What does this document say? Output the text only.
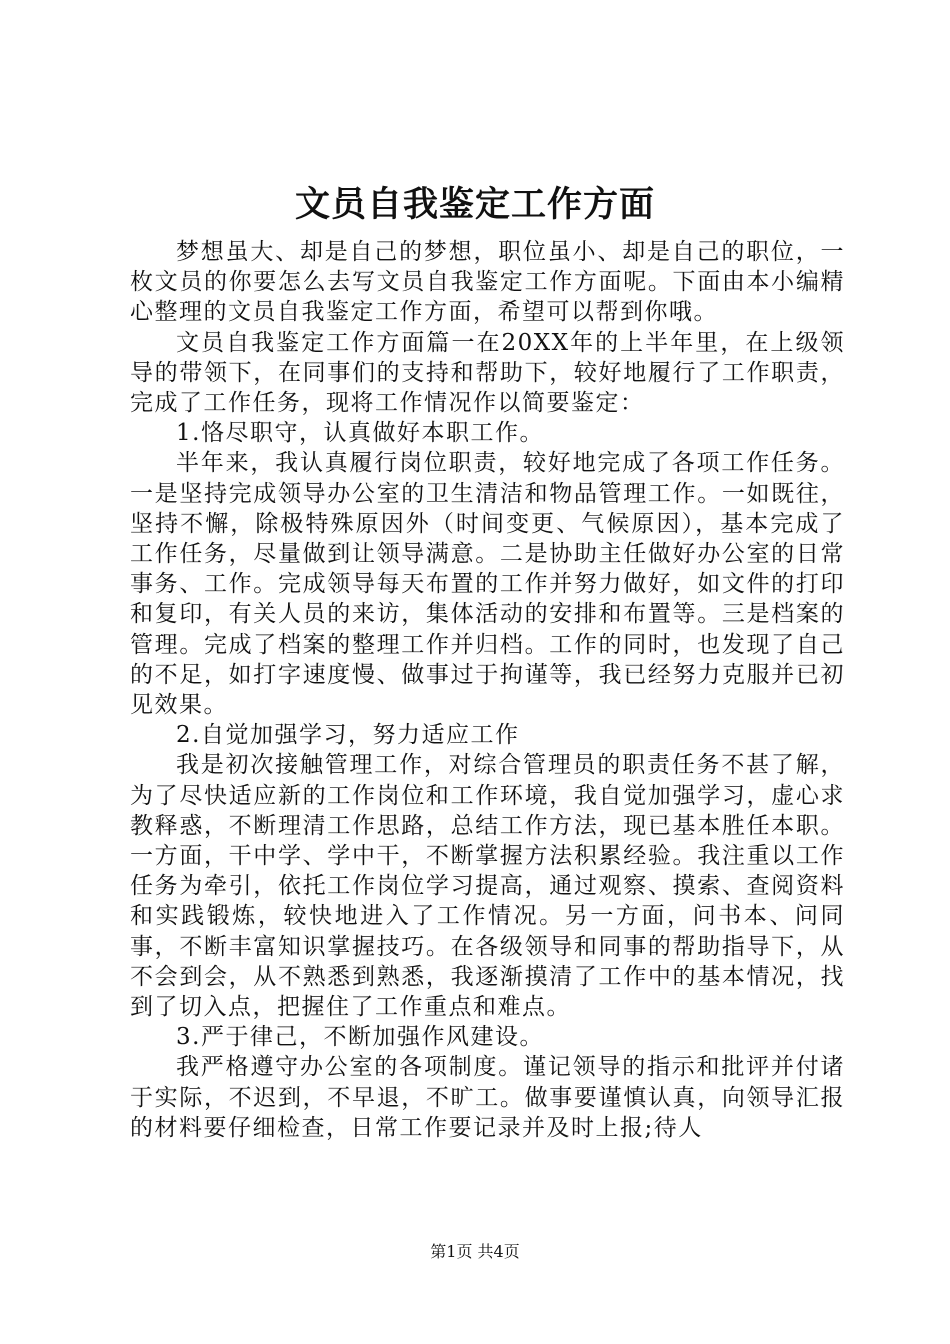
文员自我鉴定工作方面

梦想虽大、却是自己的梦想，职位虽小、却是自己的职位，一枚文员的你要怎么去写文员自我鉴定工作方面呢。下面由本小编精心整理的文员自我鉴定工作方面，希望可以帮到你哦。

文员自我鉴定工作方面篇一在20XX年的上半年里，在上级领导的带领下，在同事们的支持和帮助下，较好地履行了工作职责，完成了工作任务，现将工作情况作以简要鉴定：

1.恪尽职守，认真做好本职工作。

半年来，我认真履行岗位职责，较好地完成了各项工作任务。一是坚持完成领导办公室的卫生清洁和物品管理工作。一如既往，坚持不懈，除极特殊原因外（时间变更、气候原因），基本完成了工作任务，尽量做到让领导满意。二是协助主任做好办公室的日常事务、工作。完成领导每天布置的工作并努力做好，如文件的打印和复印，有关人员的来访，集体活动的安排和布置等。三是档案的管理。完成了档案的整理工作并归档。工作的同时，也发现了自己的不足，如打字速度慢、做事过于拘谨等，我已经努力克服并已初见效果。

2.自觉加强学习，努力适应工作

我是初次接触管理工作，对综合管理员的职责任务不甚了解，为了尽快适应新的工作岗位和工作环境，我自觉加强学习，虚心求教释惑，不断理清工作思路，总结工作方法，现已基本胜任本职。一方面，干中学、学中干，不断掌握方法积累经验。我注重以工作任务为牵引，依托工作岗位学习提高，通过观察、摸索、查阅资料和实践锻炼，较快地进入了工作情况。另一方面，问书本、问同事，不断丰富知识掌握技巧。在各级领导和同事的帮助指导下，从不会到会，从不熟悉到熟悉，我逐渐摸清了工作中的基本情况，找到了切入点，把握住了工作重点和难点。

3.严于律己，不断加强作风建设。

我严格遵守办公室的各项制度。谨记领导的指示和批评并付诸于实际，不迟到，不早退，不旷工。做事要谨慎认真，向领导汇报的材料要仔细检查，日常工作要记录并及时上报;待人

第1页 共4页
